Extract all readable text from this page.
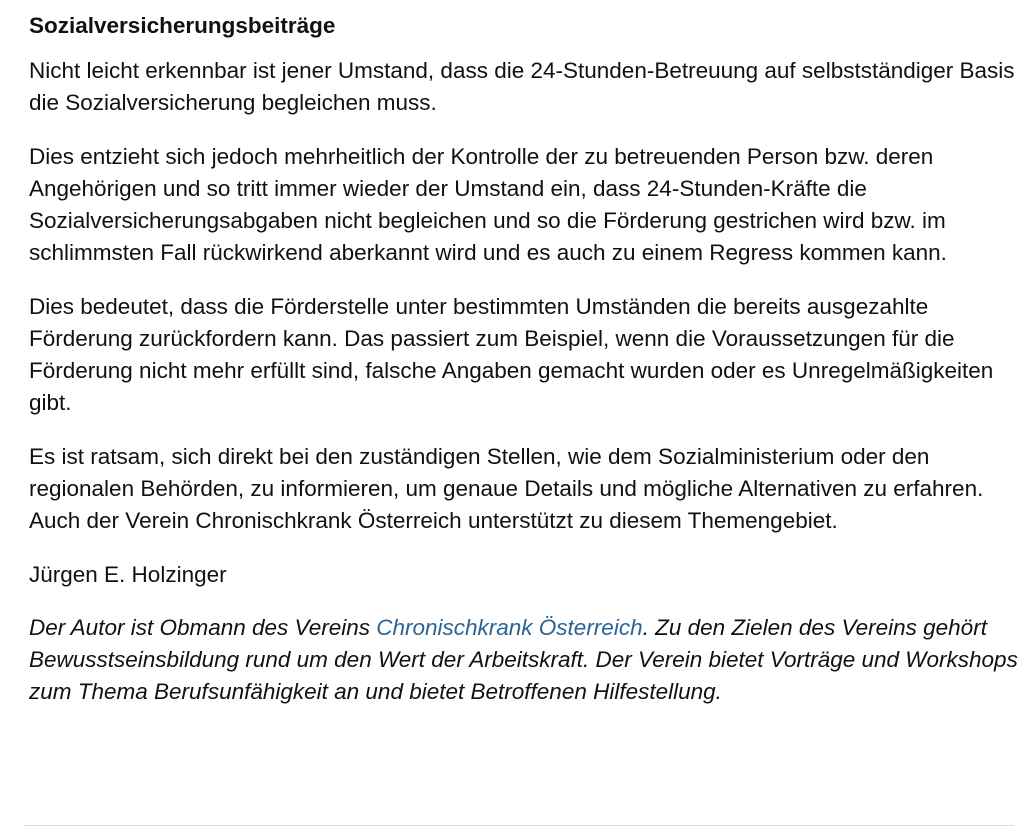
Sozialversicherungsbeiträge

Nicht leicht erkennbar ist jener Umstand, dass die 24-Stunden-Betreuung auf selbstständiger Basis die Sozialversicherung begleichen muss.

Dies entzieht sich jedoch mehrheitlich der Kontrolle der zu betreuenden Person bzw. deren Angehörigen und so tritt immer wieder der Umstand ein, dass 24-Stunden-Kräfte die Sozialversicherungsabgaben nicht begleichen und so die Förderung gestrichen wird bzw. im schlimmsten Fall rückwirkend aberkannt wird und es auch zu einem Regress kommen kann.

Dies bedeutet, dass die Förderstelle unter bestimmten Umständen die bereits ausgezahlte Förderung zurückfordern kann. Das passiert zum Beispiel, wenn die Voraussetzungen für die Förderung nicht mehr erfüllt sind, falsche Angaben gemacht wurden oder es Unregelmäßigkeiten gibt.

Es ist ratsam, sich direkt bei den zuständigen Stellen, wie dem Sozialministerium oder den regionalen Behörden, zu informieren, um genaue Details und mögliche Alternativen zu erfahren. Auch der Verein Chronischkrank Österreich unterstützt zu diesem Themengebiet.

Jürgen E. Holzinger

Der Autor ist Obmann des Vereins Chronischkrank Österreich. Zu den Zielen des Vereins gehört Bewusstseinsbildung rund um den Wert der Arbeitskraft. Der Verein bietet Vorträge und Workshops zum Thema Berufsunfähigkeit an und bietet Betroffenen Hilfestellung.
